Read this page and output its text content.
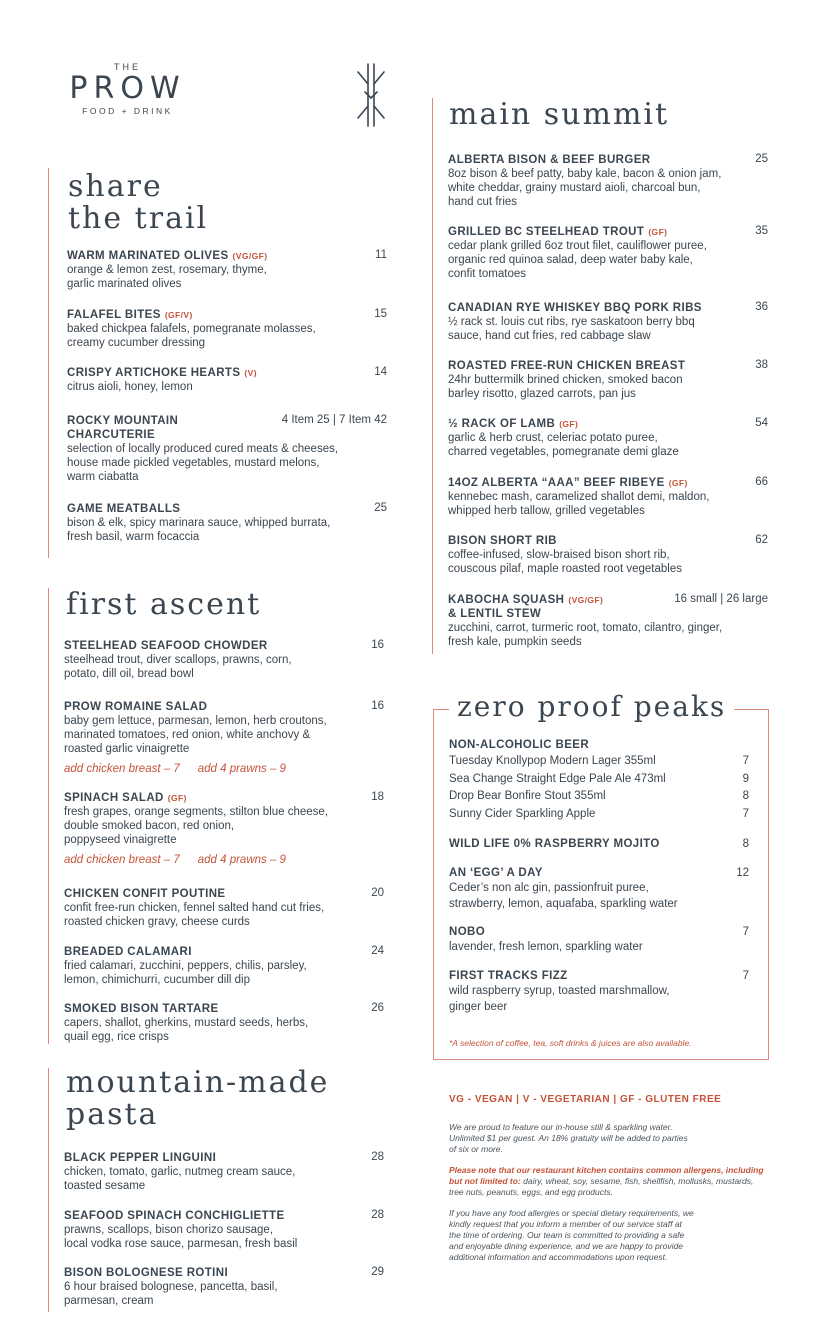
THE
PROW
FOOD + DRINK
share
the trail
WARM MARINATED OLIVES (VG/GF)	11
orange & lemon zest, rosemary, thyme,
garlic marinated olives
FALAFEL BITES (GF/V)	15
baked chickpea falafels, pomegranate molasses,
creamy cucumber dressing
CRISPY ARTICHOKE HEARTS (V)	14
citrus aioli, honey, lemon
ROCKY MOUNTAIN
CHARCUTERIE
4 Item 25 | 7 Item 42
selection of locally produced cured meats & cheeses,
house made pickled vegetables, mustard melons,
warm ciabatta
GAME MEATBALLS	25
bison & elk, spicy marinara sauce, whipped burrata,
fresh basil, warm focaccia
first ascent
STEELHEAD SEAFOOD CHOWDER	16
steelhead trout, diver scallops, prawns, corn,
potato, dill oil, bread bowl
PROW ROMAINE SALAD	16
baby gem lettuce, parmesan, lemon, herb croutons,
marinated tomatoes, red onion, white anchovy &
roasted garlic vinaigrette
add chicken breast – 7 add 4 prawns – 9
SPINACH SALAD (GF)	18
fresh grapes, orange segments, stilton blue cheese,
double smoked bacon, red onion,
poppyseed vinaigrette
add chicken breast – 7 add 4 prawns – 9
CHICKEN CONFIT POUTINE	20
confit free-run chicken, fennel salted hand cut fries,
roasted chicken gravy, cheese curds
BREADED CALAMARI	24
fried calamari, zucchini, peppers, chilis, parsley,
lemon, chimichurri, cucumber dill dip
SMOKED BISON TARTARE	26
capers, shallot, gherkins, mustard seeds, herbs,
quail egg, rice crisps
mountain-made
pasta
BLACK PEPPER LINGUINI	28
chicken, tomato, garlic, nutmeg cream sauce,
toasted sesame
SEAFOOD SPINACH CONCHIGLIETTE	28
prawns, scallops, bison chorizo sausage,
local vodka rose sauce, parmesan, fresh basil
BISON BOLOGNESE ROTINI	29
6 hour braised bolognese, pancetta, basil,
parmesan, cream
main summit
ALBERTA BISON & BEEF BURGER	25
8oz bison & beef patty, baby kale, bacon & onion jam,
white cheddar, grainy mustard aioli, charcoal bun,
hand cut fries
GRILLED BC STEELHEAD TROUT (GF)	35
cedar plank grilled 6oz trout filet, cauliflower puree,
organic red quinoa salad, deep water baby kale,
confit tomatoes
CANADIAN RYE WHISKEY BBQ PORK RIBS	36
½ rack st. louis cut ribs, rye saskatoon berry bbq
sauce, hand cut fries, red cabbage slaw
ROASTED FREE-RUN CHICKEN BREAST	38
24hr buttermilk brined chicken, smoked bacon
barley risotto, glazed carrots, pan jus
½ RACK OF LAMB (GF)	54
garlic & herb crust, celeriac potato puree,
charred vegetables, pomegranate demi glaze
14OZ ALBERTA “AAA” BEEF RIBEYE (GF)	66
kennebec mash, caramelized shallot demi, maldon,
whipped herb tallow, grilled vegetables
BISON SHORT RIB	62
coffee-infused, slow-braised bison short rib,
couscous pilaf, maple roasted root vegetables
KABOCHA SQUASH (VG/GF)
& LENTIL STEW
16 small | 26 large
zucchini, carrot, turmeric root, tomato, cilantro, ginger,
fresh kale, pumpkin seeds
zero proof peaks
NON-ALCOHOLIC BEER
Tuesday Knollypop Modern Lager 355ml	7
Sea Change Straight Edge Pale Ale 473ml	9
Drop Bear Bonfire Stout 355ml	8
Sunny Cider Sparkling Apple	7
WILD LIFE 0% RASPBERRY MOJITO	8
AN ‘EGG’ A DAY	12
Ceder’s non alc gin, passionfruit puree,
strawberry, lemon, aquafaba, sparkling water
NOBO	7
lavender, fresh lemon, sparkling water
FIRST TRACKS FIZZ	7
wild raspberry syrup, toasted marshmallow,
ginger beer
*A selection of coffee, tea, soft drinks & juices are also available.
VG - VEGAN | V - VEGETARIAN | GF - GLUTEN FREE
We are proud to feature our in-house still & sparkling water.
Unlimited $1 per guest. An 18% gratuity will be added to parties
of six or more.
Please note that our restaurant kitchen contains common allergens, including but not limited to: dairy, wheat, soy, sesame, fish, shellfish, mollusks, mustards, tree nuts, peanuts, eggs, and egg products.
If you have any food allergies or special dietary requirements, we
kindly request that you inform a member of our service staff at
the time of ordering. Our team is committed to providing a safe
and enjoyable dining experience, and we are happy to provide
additional information and accommodations upon request.
